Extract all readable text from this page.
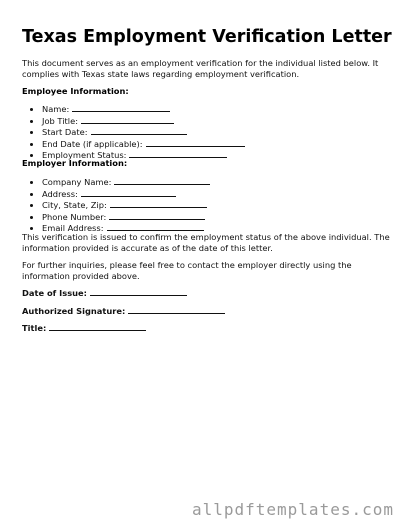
Texas Employment Verification Letter
This document serves as an employment verification for the individual listed below. It complies with Texas state laws regarding employment verification.
Employee Information:
• Name:
• Job Title:
• Start Date:
• End Date (if applicable):
• Employment Status:
Employer Information:
• Company Name:
• Address:
• City, State, Zip:
• Phone Number:
• Email Address:
This verification is issued to confirm the employment status of the above individual. The information provided is accurate as of the date of this letter.
For further inquiries, please feel free to contact the employer directly using the information provided above.
Date of Issue:
Authorized Signature:
Title:
allpdftemplates.com
